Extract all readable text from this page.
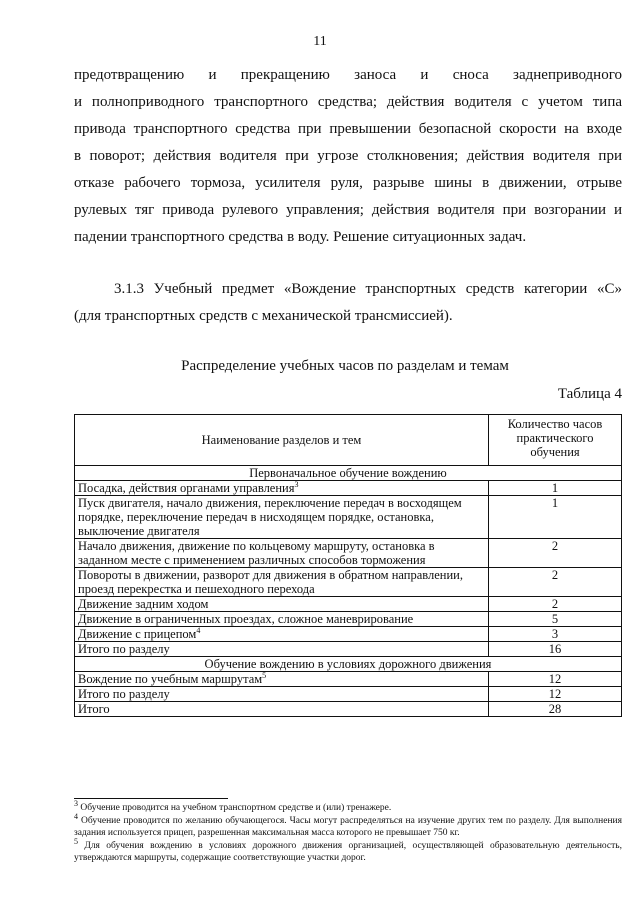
11
предотвращению и прекращению заноса и сноса заднеприводного
и полноприводного транспортного средства; действия водителя с учетом типа
привода транспортного средства при превышении безопасной скорости на входе
в поворот; действия водителя при угрозе столкновения; действия водителя при
отказе рабочего тормоза, усилителя руля, разрыве шины в движении, отрыве
рулевых тяг привода рулевого управления; действия водителя при возгорании и
падении транспортного средства в воду. Решение ситуационных задач.
3.1.3 Учебный предмет «Вождение транспортных средств категории «С»
(для транспортных средств с механической трансмиссией).
Распределение учебных часов по разделам и темам
Таблица 4
Наименование разделов и тем	Количество часов практического обучения
Первоначальное обучение вождению	
Посадка, действия органами управления$^3$	1
Пуск двигателя, начало движения, переключение передач в восходящем порядке, переключение передач в нисходящем порядке, остановка, выключение двигателя	1
Начало движения, движение по кольцевому маршруту, остановка в заданном месте с применением различных способов торможения	2
Повороты в движении, разворот для движения в обратном направлении, проезд перекрестка и пешеходного перехода	2
Движение задним ходом	2
Движение в ограниченных проездах, сложное маневрирование	5
Движение с прицепом$^4$	3
Итого по разделу	16
Обучение вождению в условиях дорожного движения	
Вождение по учебным маршрутам$^5$	12
Итого по разделу	12
Итого	28

$^3$ Обучение проводится на учебном транспортном средстве и (или) тренажере.

$^4$ Обучение проводится по желанию обучающегося. Часы могут распределяться на изучение других тем по разделу. Для выполнения задания используется прицеп, разрешенная максимальная масса которого не превышает 750 кг.

$^5$ Для обучения вождению в условиях дорожного движения организацией, осуществляющей образовательную деятельность, утверждаются маршруты, содержащие соответствующие участки дорог.
